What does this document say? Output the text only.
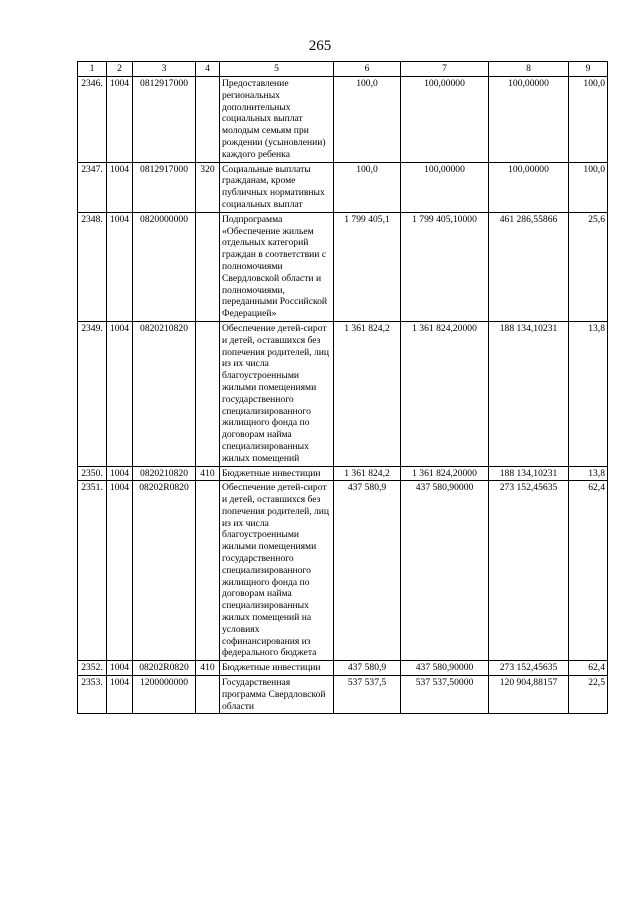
265
1	2	3	4	5	6	7	8	9
2346.	1004	0812917000		Предоставление региональных дополнительных социальных выплат молодым семьям при рождении (усыновлении) каждого ребенка	100,0	100,00000	100,00000	100,0
2347.	1004	0812917000	320	Социальные выплаты гражданам, кроме публичных нормативных социальных выплат	100,0	100,00000	100,00000	100,0
2348.	1004	0820000000		Подпрограмма «Обеспечение жильем отдельных категорий граждан в соответствии с полномочиями Свердловской области и полномочиями, переданными Российской Федерацией»	1 799 405,1	1 799 405,10000	461 286,55866	25,6
2349.	1004	0820210820		Обеспечение детей-сирот и детей, оставшихся без попечения родителей, лиц из их числа благоустроенными жилыми помещениями государственного специализированного жилищного фонда по договорам найма специализированных жилых помещений	1 361 824,2	1 361 824,20000	188 134,10231	13,8
2350.	1004	0820210820	410	Бюджетные инвестиции	1 361 824,2	1 361 824,20000	188 134,10231	13,8
2351.	1004	08202R0820		Обеспечение детей-сирот и детей, оставшихся без попечения родителей, лиц из их числа благоустроенными жилыми помещениями государственного специализированного жилищного фонда по договорам найма специализированных жилых помещений на условиях софинансирования из федерального бюджета	437 580,9	437 580,90000	273 152,45635	62,4
2352.	1004	08202R0820	410	Бюджетные инвестиции	437 580,9	437 580,90000	273 152,45635	62,4
2353.	1004	1200000000		Государственная программа Свердловской области	537 537,5	537 537,50000	120 904,88157	22,5
